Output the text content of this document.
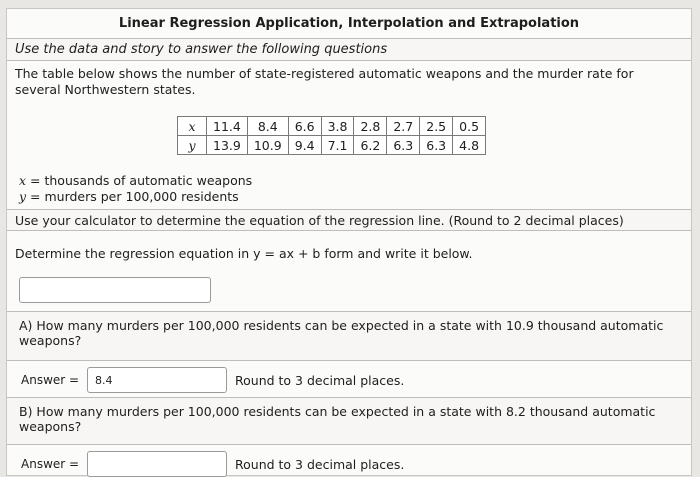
Linear Regression Application, Interpolation and Extrapolation
Use the data and story to answer the following questions
The table below shows the number of state-registered automatic weapons and the murder rate for several Northwestern states.
x	11.4	8.4	6.6	3.8	2.8	2.7	2.5	0.5
y	13.9	10.9	9.4	7.1	6.2	6.3	6.3	4.8
x = thousands of automatic weapons
y = murders per 100,000 residents
Use your calculator to determine the equation of the regression line. (Round to 2 decimal places)
Determine the regression equation in y = ax + b form and write it below.
A) How many murders per 100,000 residents can be expected in a state with 10.9 thousand automatic weapons?
Answer =	8.4	Round to 3 decimal places.
B) How many murders per 100,000 residents can be expected in a state with 8.2 thousand automatic weapons?
Answer =	Round to 3 decimal places.
